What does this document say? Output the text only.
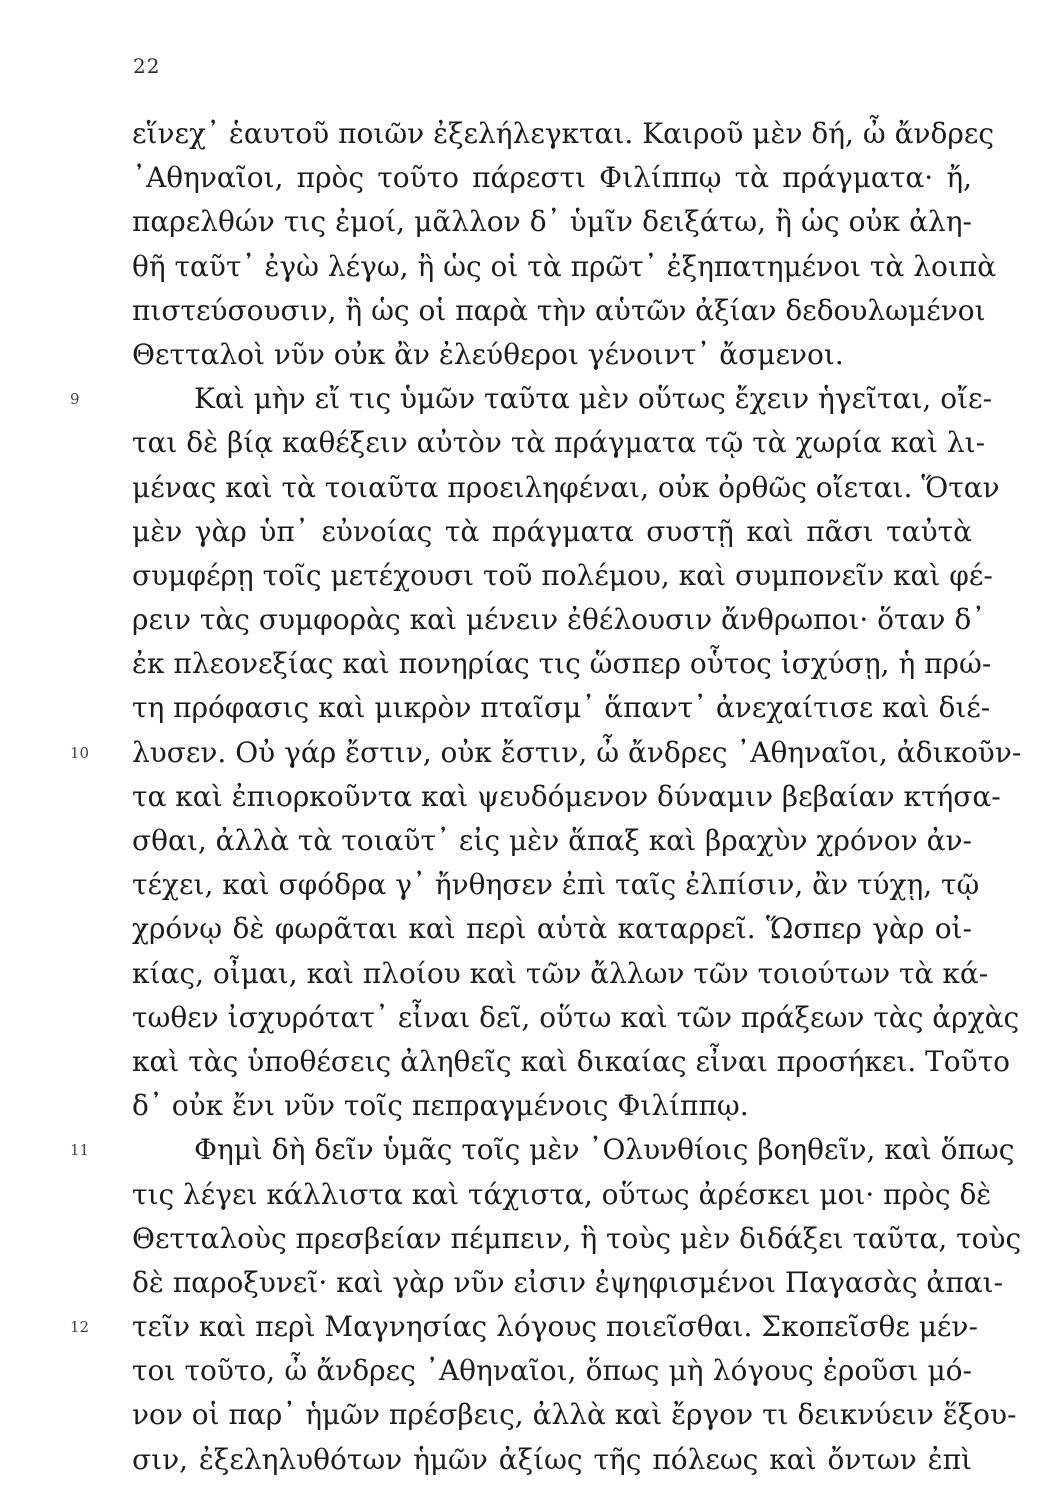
22
εἵνεχ᾽ ἑαυτοῦ ποιῶν ἐξελήλεγκται. Καιροῦ μὲν δή, ὦ ἄνδρες
᾽Αθηναῖοι, πρὸς τοῦτο πάρεστι Φιλίππῳ τὰ πράγματα· ἤ,
παρελθών τις ἐμοί, μᾶλλον δ᾽ ὑμῖν δειξάτω, ἢ ὡς οὐκ ἀλη-
θῆ ταῦτ᾽ ἐγὼ λέγω, ἢ ὡς οἱ τὰ πρῶτ᾽ ἐξηπατημένοι τὰ λοιπὰ
πιστεύσουσιν, ἢ ὡς οἱ παρὰ τὴν αὑτῶν ἀξίαν δεδουλωμένοι
Θετταλοὶ νῦν οὐκ ἂν ἐλεύθεροι γένοιντ᾽ ἄσμενοι.
9	Καὶ μὴν εἴ τις ὑμῶν ταῦτα μὲν οὕτως ἔχειν ἡγεῖται, οἴε-
ται δὲ βίᾳ καθέξειν αὐτὸν τὰ πράγματα τῷ τὰ χωρία καὶ λι-
μένας καὶ τὰ τοιαῦτα προειληφέναι, οὐκ ὀρθῶς οἴεται. Ὅταν
μὲν γὰρ ὑπ᾽ εὐνοίας τὰ πράγματα συστῇ καὶ πᾶσι ταὐτὰ
συμφέρῃ τοῖς μετέχουσι τοῦ πολέμου, καὶ συμπονεῖν καὶ φέ-
ρειν τὰς συμφορὰς καὶ μένειν ἐθέλουσιν ἄνθρωποι· ὅταν δ᾽
ἐκ πλεονεξίας καὶ πονηρίας τις ὥσπερ οὗτος ἰσχύσῃ, ἡ πρώ-
τη πρόφασις καὶ μικρὸν πταῖσμ᾽ ἅπαντ᾽ ἀνεχαίτισε καὶ διέ-
10	λυσεν. Οὐ γάρ ἔστιν, οὐκ ἔστιν, ὦ ἄνδρες ᾽Αθηναῖοι, ἀδικοῦν-
τα καὶ ἐπιορκοῦντα καὶ ψευδόμενον δύναμιν βεβαίαν κτήσα-
σθαι, ἀλλὰ τὰ τοιαῦτ᾽ εἰς μὲν ἅπαξ καὶ βραχὺν χρόνον ἀν-
τέχει, καὶ σφόδρα γ᾽ ἤνθησεν ἐπὶ ταῖς ἐλπίσιν, ἂν τύχῃ, τῷ
χρόνῳ δὲ φωρᾶται καὶ περὶ αὑτὰ καταρρεῖ. Ὥσπερ γὰρ οἰ-
κίας, οἶμαι, καὶ πλοίου καὶ τῶν ἄλλων τῶν τοιούτων τὰ κά-
τωθεν ἰσχυρότατ᾽ εἶναι δεῖ, οὕτω καὶ τῶν πράξεων τὰς ἀρχὰς
καὶ τὰς ὑποθέσεις ἀληθεῖς καὶ δικαίας εἶναι προσήκει. Τοῦτο
δ᾽ οὐκ ἔνι νῦν τοῖς πεπραγμένοις Φιλίππῳ.
11	Φημὶ δὴ δεῖν ὑμᾶς τοῖς μὲν ᾽Ολυνθίοις βοηθεῖν, καὶ ὅπως
τις λέγει κάλλιστα καὶ τάχιστα, οὕτως ἀρέσκει μοι· πρὸς δὲ
Θετταλοὺς πρεσβείαν πέμπειν, ἣ τοὺς μὲν διδάξει ταῦτα, τοὺς
δὲ παροξυνεῖ· καὶ γὰρ νῦν εἰσιν ἐψηφισμένοι Παγασὰς ἀπαι-
12	τεῖν καὶ περὶ Μαγνησίας λόγους ποιεῖσθαι. Σκοπεῖσθε μέν-
τοι τοῦτο, ὦ ἄνδρες ᾽Αθηναῖοι, ὅπως μὴ λόγους ἐροῦσι μό-
νον οἱ παρ᾽ ἡμῶν πρέσβεις, ἀλλὰ καὶ ἔργον τι δεικνύειν ἕξου-
σιν, ἐξεληλυθότων ἡμῶν ἀξίως τῆς πόλεως καὶ ὄντων ἐπὶ
